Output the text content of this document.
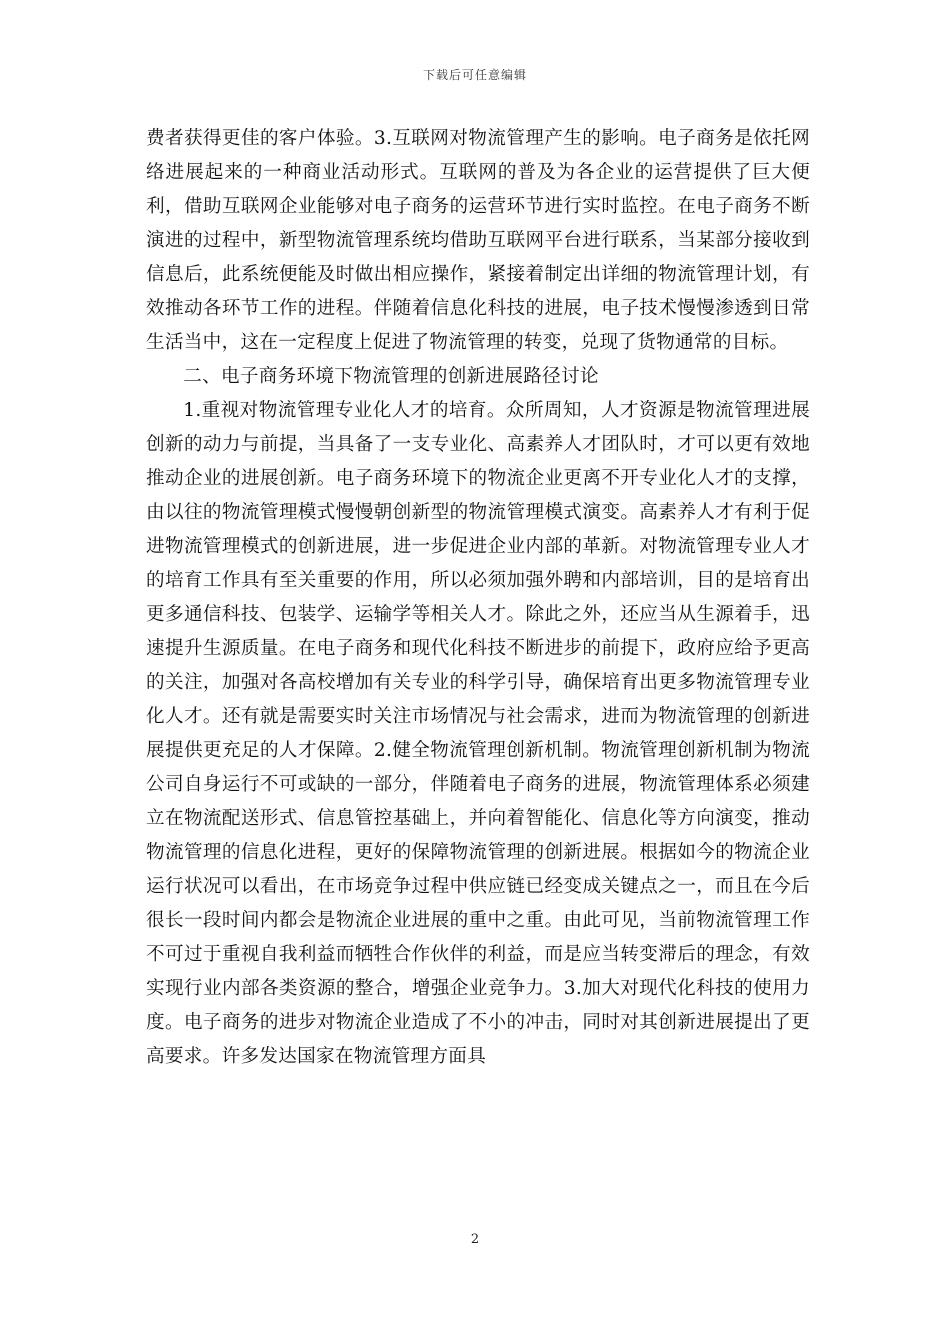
下载后可任意编辑

费者获得更佳的客户体验。3.互联网对物流管理产生的影响。电子商务是依托网络进展起来的一种商业活动形式。互联网的普及为各企业的运营提供了巨大便利，借助互联网企业能够对电子商务的运营环节进行实时监控。在电子商务不断演进的过程中，新型物流管理系统均借助互联网平台进行联系，当某部分接收到信息后，此系统便能及时做出相应操作，紧接着制定出详细的物流管理计划，有效推动各环节工作的进程。伴随着信息化科技的进展，电子技术慢慢渗透到日常生活当中，这在一定程度上促进了物流管理的转变，兑现了货物通常的目标。

二、电子商务环境下物流管理的创新进展路径讨论

1.重视对物流管理专业化人才的培育。众所周知，人才资源是物流管理进展创新的动力与前提，当具备了一支专业化、高素养人才团队时，才可以更有效地推动企业的进展创新。电子商务环境下的物流企业更离不开专业化人才的支撑，由以往的物流管理模式慢慢朝创新型的物流管理模式演变。高素养人才有利于促进物流管理模式的创新进展，进一步促进企业内部的革新。对物流管理专业人才的培育工作具有至关重要的作用，所以必须加强外聘和内部培训，目的是培育出更多通信科技、包装学、运输学等相关人才。除此之外，还应当从生源着手，迅速提升生源质量。在电子商务和现代化科技不断进步的前提下，政府应给予更高的关注，加强对各高校增加有关专业的科学引导，确保培育出更多物流管理专业化人才。还有就是需要实时关注市场情况与社会需求，进而为物流管理的创新进展提供更充足的人才保障。2.健全物流管理创新机制。物流管理创新机制为物流公司自身运行不可或缺的一部分，伴随着电子商务的进展，物流管理体系必须建立在物流配送形式、信息管控基础上，并向着智能化、信息化等方向演变，推动物流管理的信息化进程，更好的保障物流管理的创新进展。根据如今的物流企业运行状况可以看出，在市场竞争过程中供应链已经变成关键点之一，而且在今后很长一段时间内都会是物流企业进展的重中之重。由此可见，当前物流管理工作不可过于重视自我利益而牺牲合作伙伴的利益，而是应当转变滞后的理念，有效实现行业内部各类资源的整合，增强企业竞争力。3.加大对现代化科技的使用力度。电子商务的进步对物流企业造成了不小的冲击，同时对其创新进展提出了更高要求。许多发达国家在物流管理方面具

2
